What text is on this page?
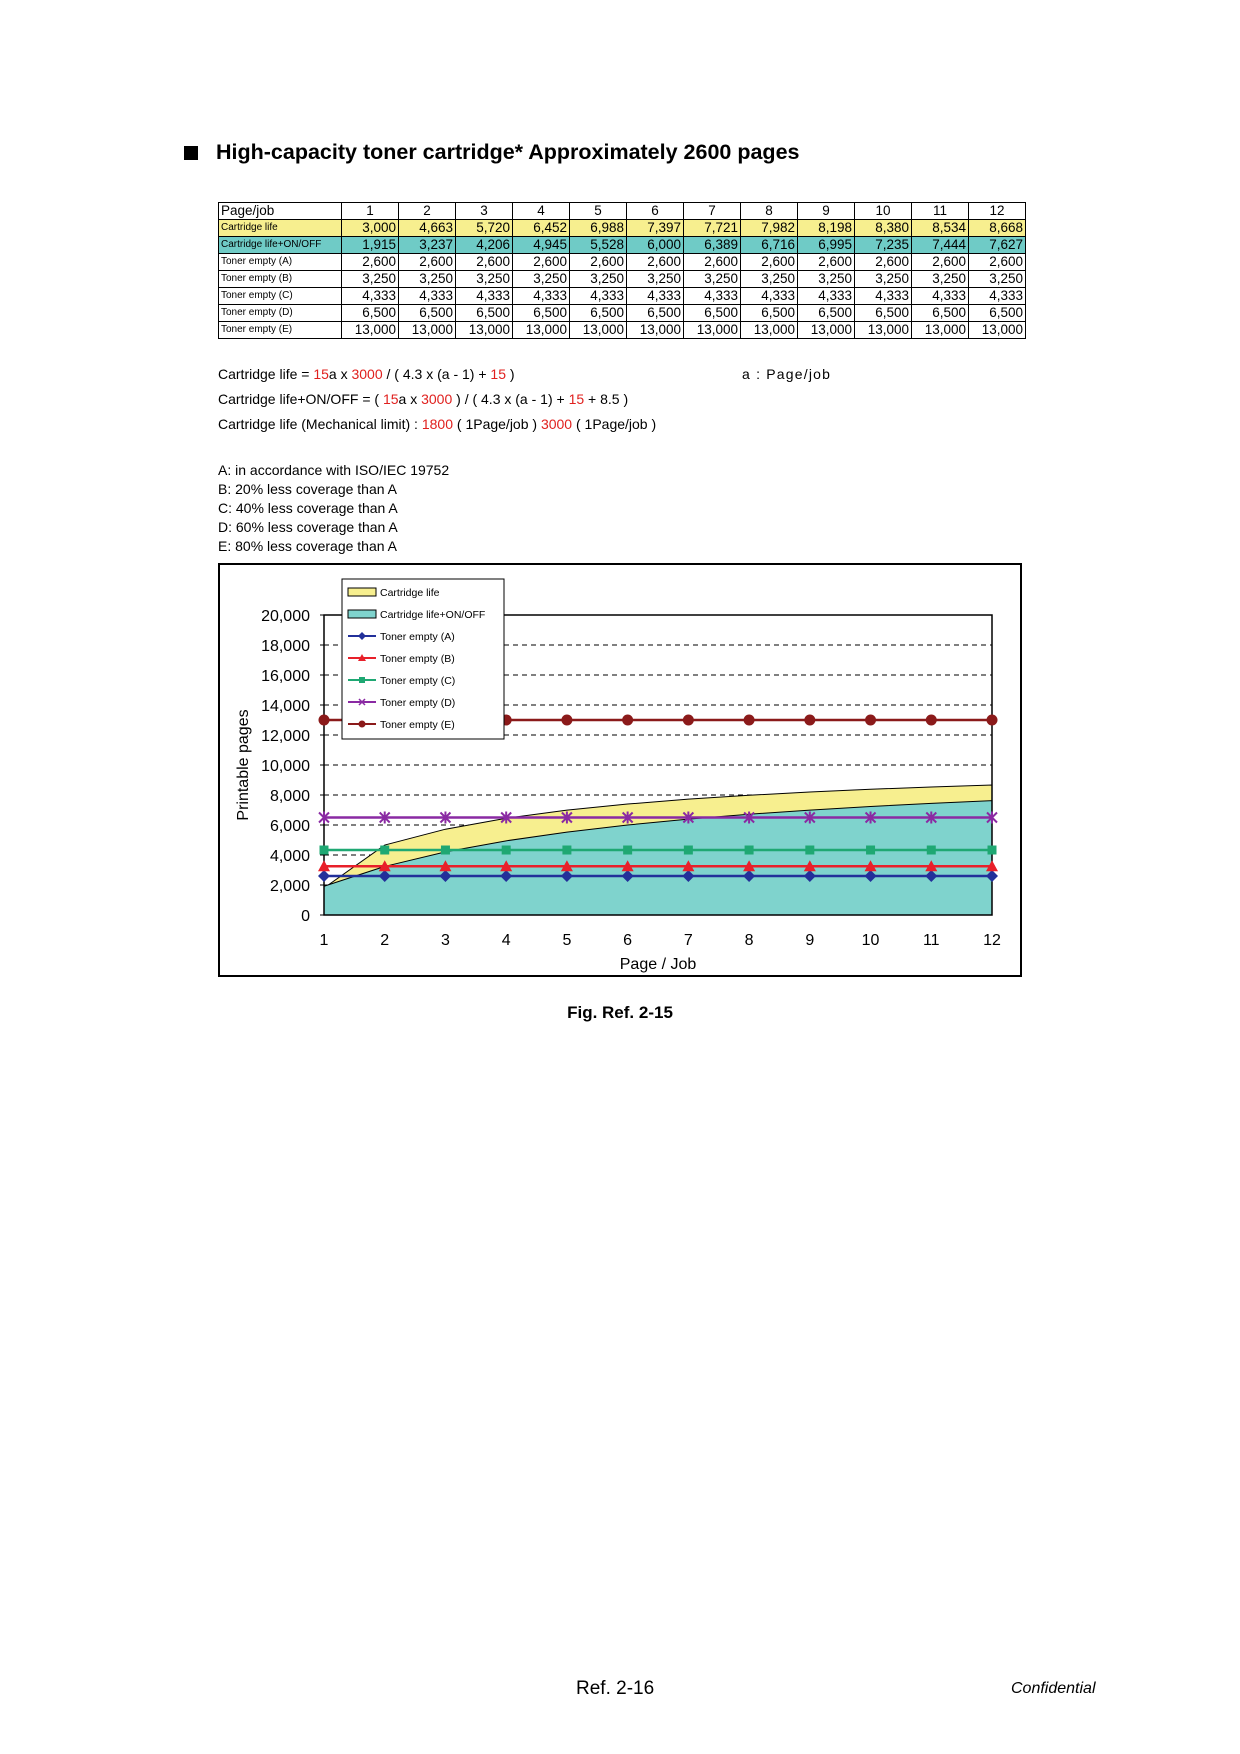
High-capacity toner cartridge* Approximately 2600 pages
Page/job	1	2	3	4	5	6	7	8	9	10	11	12
Cartridge life	3,000	4,663	5,720	6,452	6,988	7,397	7,721	7,982	8,198	8,380	8,534	8,668
Cartridge life+ON/OFF	1,915	3,237	4,206	4,945	5,528	6,000	6,389	6,716	6,995	7,235	7,444	7,627
Toner empty (A)	2,600	2,600	2,600	2,600	2,600	2,600	2,600	2,600	2,600	2,600	2,600	2,600
Toner empty (B)	3,250	3,250	3,250	3,250	3,250	3,250	3,250	3,250	3,250	3,250	3,250	3,250
Toner empty (C)	4,333	4,333	4,333	4,333	4,333	4,333	4,333	4,333	4,333	4,333	4,333	4,333
Toner empty (D)	6,500	6,500	6,500	6,500	6,500	6,500	6,500	6,500	6,500	6,500	6,500	6,500
Toner empty (E)	13,000	13,000	13,000	13,000	13,000	13,000	13,000	13,000	13,000	13,000	13,000	13,000
Cartridge life = 15a x 3000 / ( 4.3 x (a - 1) + 15 )	a : Page/job
Cartridge life+ON/OFF = ( 15a x 3000 ) / ( 4.3 x (a - 1) + 15 + 8.5 )
Cartridge life (Mechanical limit) : 1800 ( 1Page/job ) 3000 ( 1Page/job )
A: in accordance with ISO/IEC 19752
B: 20% less coverage than A
C: 40% less coverage than A
D: 60% less coverage than A
E: 80% less coverage than A
0
2,000
4,000
6,000
8,000
10,000
12,000
14,000
16,000
18,000
20,000
1	2	3	4	5	6	7	8	9	10	11	12
Page / Job
Printable pages
Cartridge life
Cartridge life+ON/OFF
Toner empty (A)
Toner empty (B)
Toner empty (C)
Toner empty (D)
Toner empty (E)
Fig. Ref. 2-15
Ref. 2-16	Confidential
